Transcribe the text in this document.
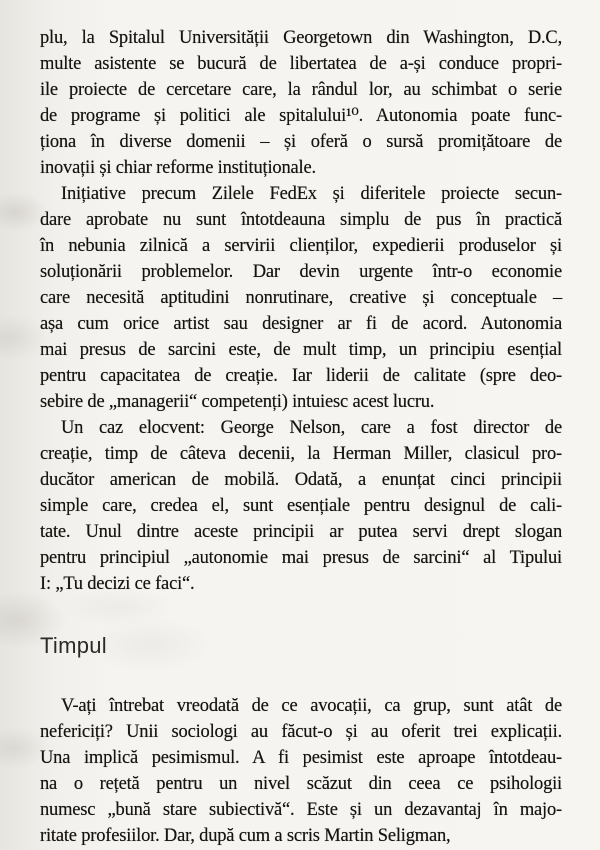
plu, la Spitalul Universității Georgetown din Washington, D.C,
multe asistente se bucură de libertatea de a-și conduce propri-
ile proiecte de cercetare care, la rândul lor, au schimbat o serie
de programe și politici ale spitalului¹⁰. Autonomia poate func-
ționa în diverse domenii – și oferă o sursă promițătoare de
inovații și chiar reforme instituționale.
Inițiative precum Zilele FedEx și diferitele proiecte secun-
dare aprobate nu sunt întotdeauna simplu de pus în practică
în nebunia zilnică a servirii clienților, expedierii produselor și
soluționării problemelor. Dar devin urgente într-o economie
care necesită aptitudini nonrutinare, creative și conceptuale –
așa cum orice artist sau designer ar fi de acord. Autonomia
mai presus de sarcini este, de mult timp, un principiu esențial
pentru capacitatea de creație. Iar liderii de calitate (spre deo-
sebire de „managerii“ competenți) intuiesc acest lucru.
Un caz elocvent: George Nelson, care a fost director de
creație, timp de câteva decenii, la Herman Miller, clasicul pro-
ducător american de mobilă. Odată, a enunțat cinci principii
simple care, credea el, sunt esențiale pentru designul de cali-
tate. Unul dintre aceste principii ar putea servi drept slogan
pentru principiul „autonomie mai presus de sarcini“ al Tipului
I: „Tu decizi ce faci“.
Timpul
V-ați întrebat vreodată de ce avocații, ca grup, sunt atât de
nefericiți? Unii sociologi au făcut-o și au oferit trei explicații.
Una implică pesimismul. A fi pesimist este aproape întotdeau-
na o rețetă pentru un nivel scăzut din ceea ce psihologii
numesc „bună stare subiectivă“. Este și un dezavantaj în majo-
ritate profesiilor. Dar, după cum a scris Martin Seligman,
